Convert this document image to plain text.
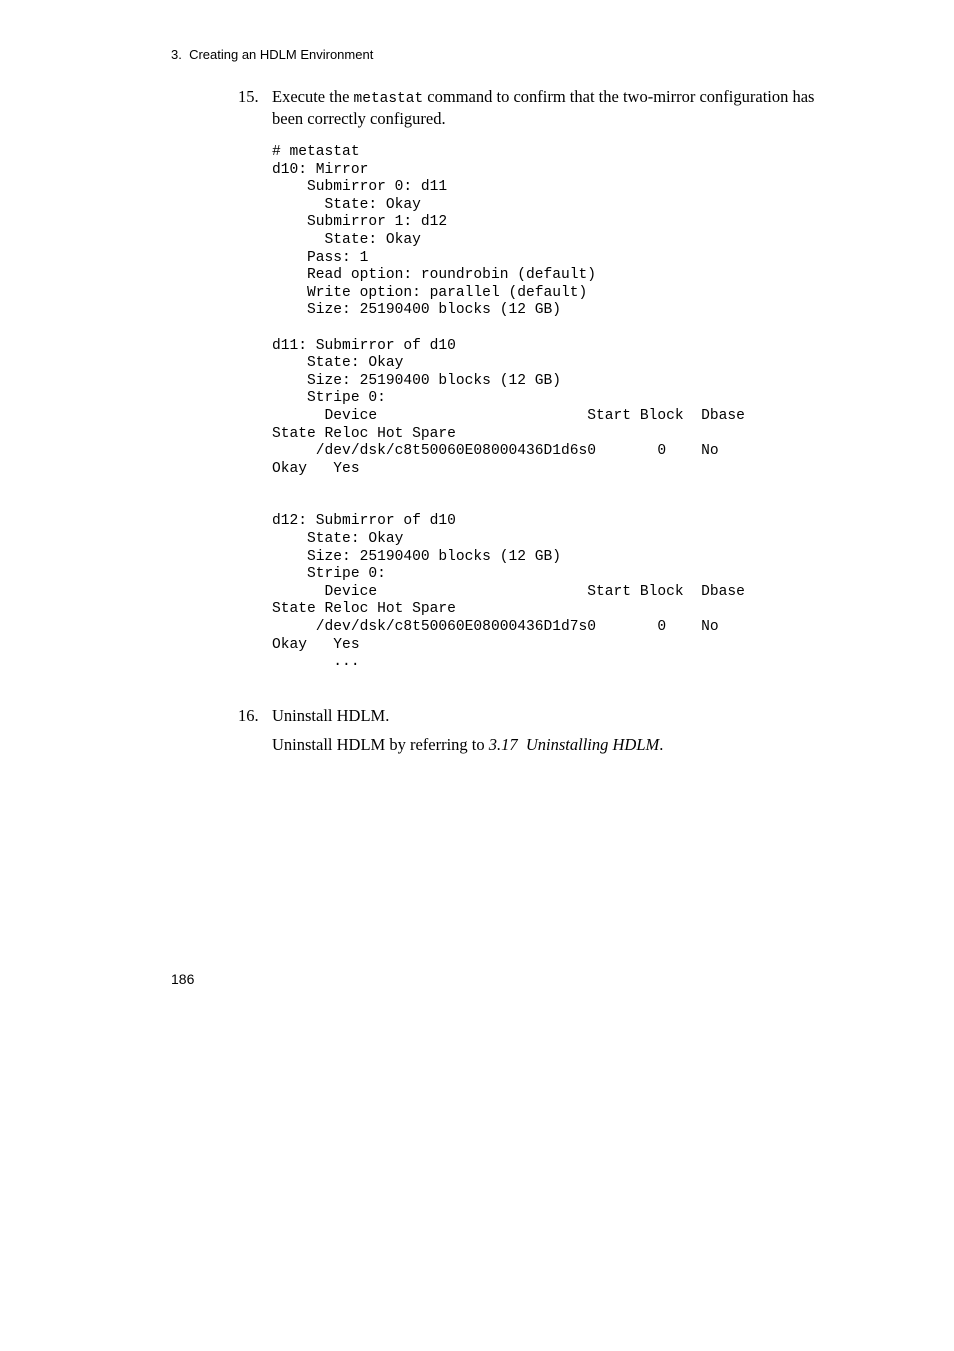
3.  Creating an HDLM Environment
15. Execute the metastat command to confirm that the two-mirror configuration has been correctly configured.
# metastat
d10: Mirror
Submirror 0: d11
State: Okay
Submirror 1: d12
State: Okay
Pass: 1
Read option: roundrobin (default)
Write option: parallel (default)
Size: 25190400 blocks (12 GB)

d11: Submirror of d10
State: Okay
Size: 25190400 blocks (12 GB)
Stripe 0:
Device                        Start Block  Dbase
State Reloc Hot Spare
/dev/dsk/c8t50060E08000436D1d6s0       0    No
Okay   Yes

d12: Submirror of d10
State: Okay
Size: 25190400 blocks (12 GB)
Stripe 0:
Device                        Start Block  Dbase
State Reloc Hot Spare
/dev/dsk/c8t50060E08000436D1d7s0       0    No
Okay   Yes
...
16. Uninstall HDLM.
Uninstall HDLM by referring to 3.17  Uninstalling HDLM.
186
